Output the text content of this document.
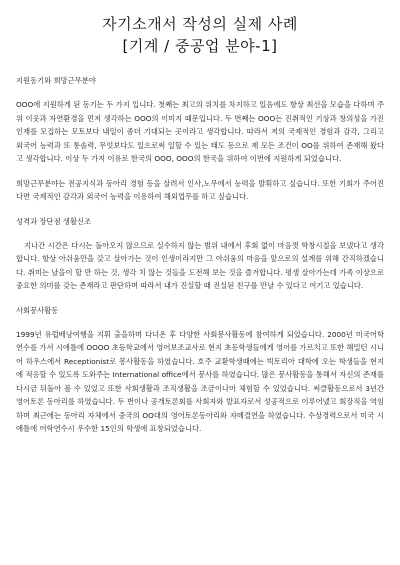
자기소개서 작성의 실제 사례

[기계 / 중공업 분야-1]

지원동기와 희망근무분야

OOO에 지원하게 된 동기는 두 가지 입니다. 첫째는 최고의 위치를 차지하고 있음에도 항상 최선을 모습을 다하며 주위 이웃과 자연환경을 먼저 생각하는 OOO의 이미지 때문입니다. 두 번째는 OOO는 진취적인 기상과 창의성을 가진 인재를 모집하는 모토보다 내일이 좀더 기대되는 곳이라고 생각합니다. 따라서 저의 국제적인 경험과 감각, 그리고 외국어 능력과 또 통솔력, 무엇보다도 일으로써 일할 수 있는 태도 등으로 제 모든 조건이 OO를 위하여 존재해 왔다고 생각합니다. 이상 두 가지 이유로 한국의 OOO, OOO의 한국을 위하여 이번에 지원하게 되었습니다.

희망근무분야는 전공지식과 동아리 경험 등을 살려서 인사,노무에서 능력을 발휘하고 싶습니다. 또한 기회가 주어진다면 국제적인 감각과 외국어 능력을 이용하여 해외업무를 하고 싶습니다.

성격과 장단점 생활신조

지나간 시간은 다시는 돌아오지 않으므로 실수하지 않는 범위 내에서 후회 없이 마음껏 학창시절을 보냈다고 생각합니다. 항상 아쉬움만을 갖고 살아가는 것이 인생이라지만 그 아쉬움의 마음을 앞으로의 설계를 위해 간직하겠습니다. 취미는 날을이 할 만 하는 것, 생각 치 않는 것들을 도전해 보는 것을 즐겨합니다. 평생 살아가는데 가족 이상으로 중요한 의미를 갖는 존재라고 판단하며 따라서 내가 진실할 때 진실된 친구를 만날 수 있다고 여기고 있습니다.

사회봉사활동

1999년 유럽배낭여행을 지휘 출을하며 다녀온 후 다양한 사회봉사활동에 참여하게 되었습니다. 2000년 미국어학연수를 가서 시애틀에 OOOO 초등학교에서 영어보조교사로 현지 초등학생들에게 영어를 가르치고 또한 해밀턴 시니어 하우스에서 Receptionist로 봉사활동을 하였습니다. 호주 교환학생때에는 빅토리아 대학에 오는 학생들을 현지에 적응할 수 있도록 도와주는 International office에서 봉사를 하였습니다. 많은 봉사활동을 통해서 자신의 존재를 다시금 뒤돌아 볼 수 있었고 또한 사회생활과 조직생활을 조금이나마 체험할 수 있었습니다. 써클활동으로서 3년간 영어토론 동아리를 하였습니다. 두 번이나 공개토론회를 사회자와 발표자로서 성공적으로 이루어냈고 회장직을 역임하며 최근에는 동아리 자체에서 중국의 OO대의 영어토론동아리와 자매결연을 하였습니다. 수상경력으로서 미국 시애틀에 어학연수시 우수한 15인의 학생에 표창되었습니다.
